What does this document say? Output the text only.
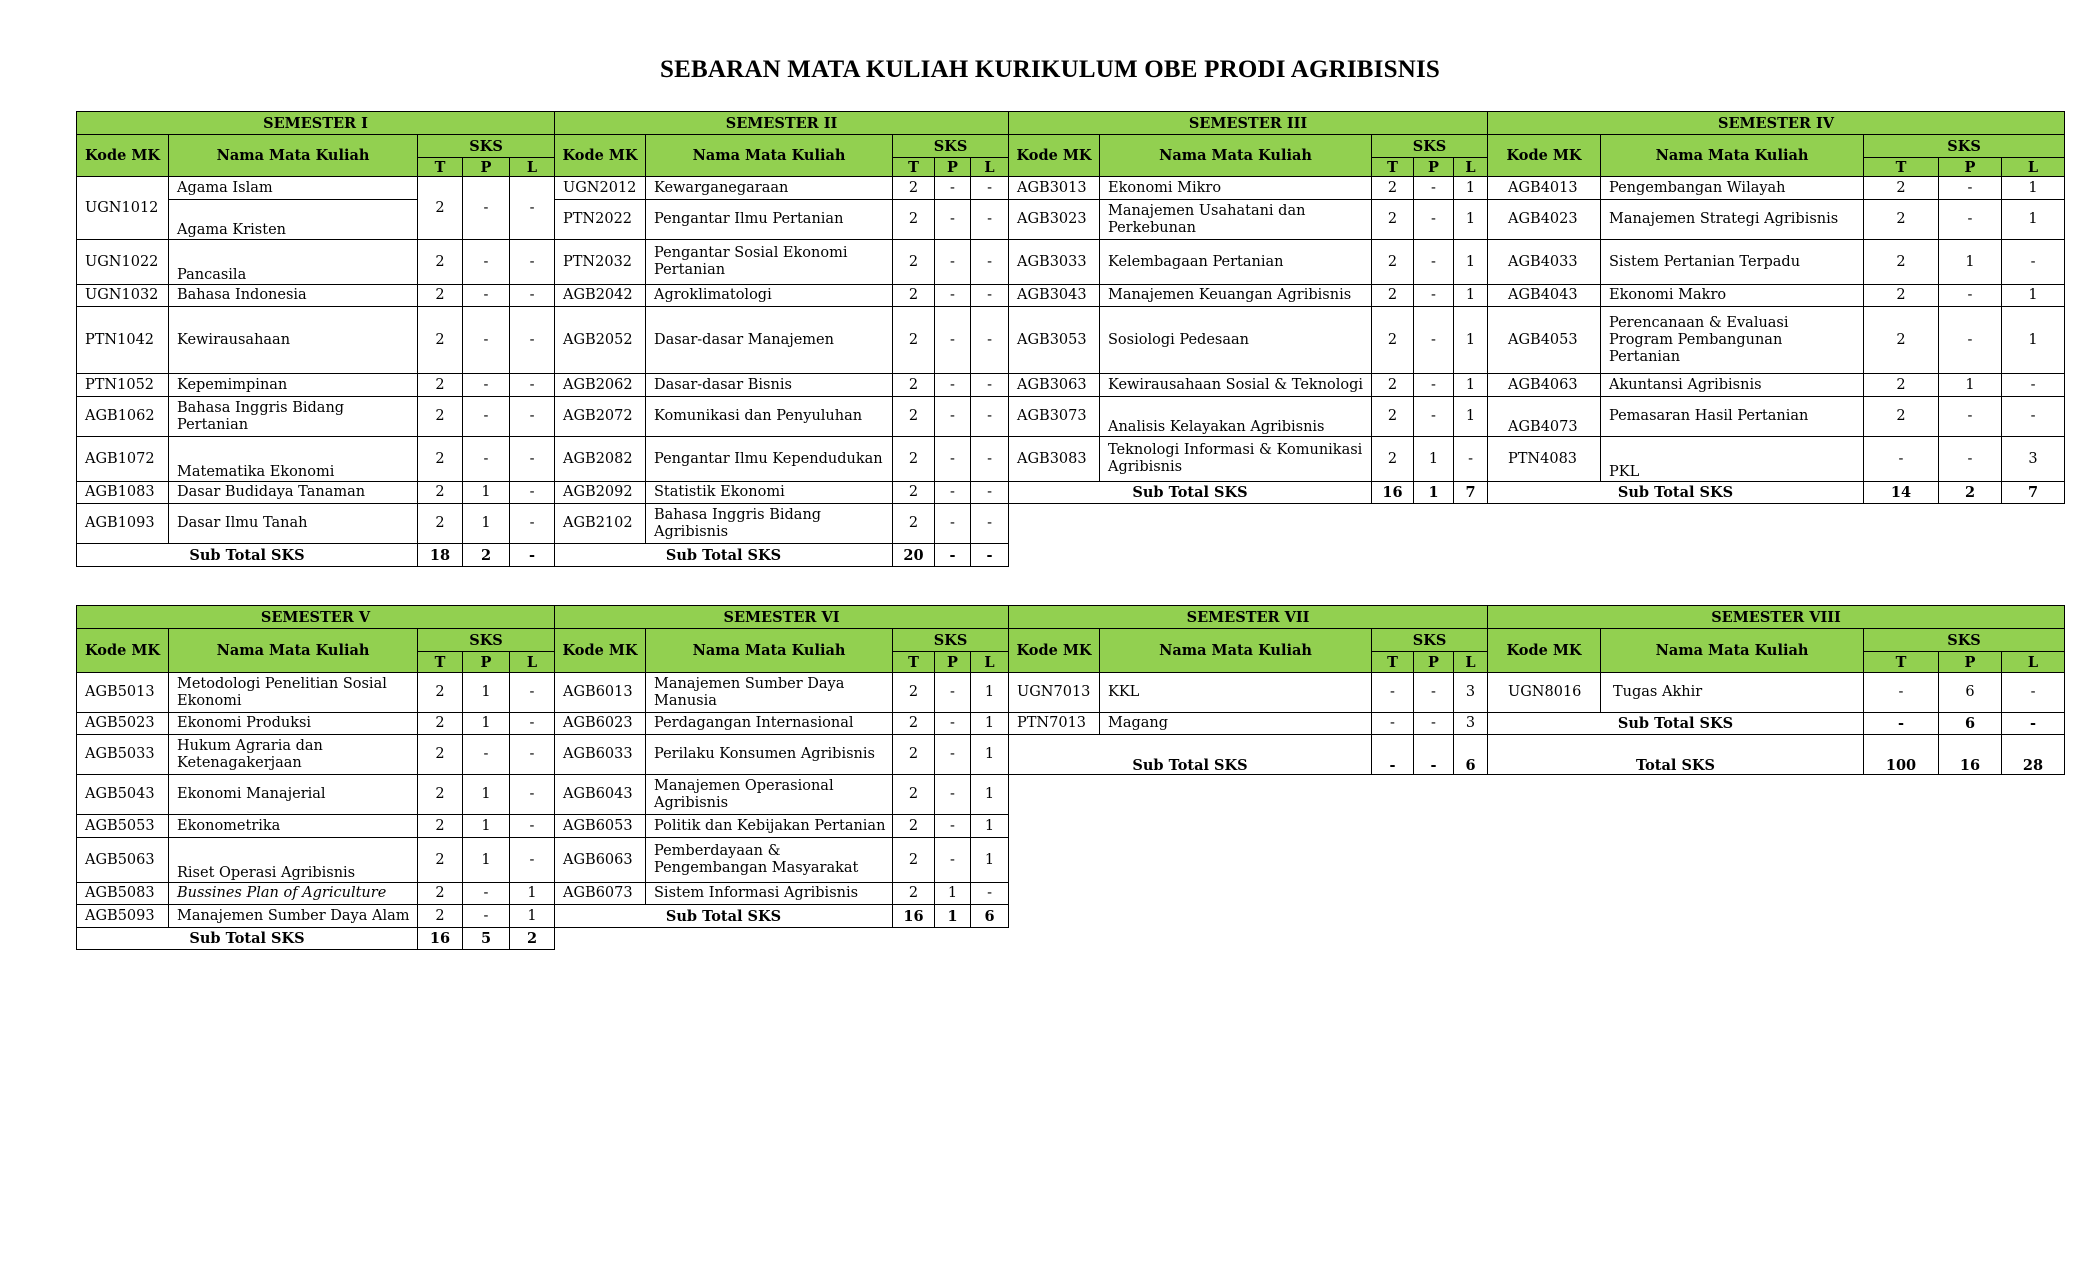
SEBARAN MATA KULIAH KURIKULUM OBE PRODI AGRIBISNIS
SEMESTER I				
Kode MK	Nama Mata Kuliah	SKS		
		T	P	L
UGN1012	Agama Islam	2	-	-
	Agama Kristen			
UGN1022	Pancasila	2	-	-
UGN1032	Bahasa Indonesia	2	-	-
PTN1042	Kewirausahaan	2	-	-
PTN1052	Kepemimpinan	2	-	-
AGB1062	Bahasa Inggris Bidang Pertanian	2	-	-
AGB1072	Matematika Ekonomi	2	-	-
AGB1083	Dasar Budidaya Tanaman	2	1	-
AGB1093	Dasar Ilmu Tanah	2	1	-
Sub Total SKS		18	2	-
SEMESTER II				
Kode MK	Nama Mata Kuliah	SKS		
		T	P	L
UGN2012	Kewarganegaraan	2	-	-
PTN2022	Pengantar Ilmu Pertanian	2	-	-
PTN2032	Pengantar Sosial Ekonomi Pertanian	2	-	-
AGB2042	Agroklimatologi	2	-	-
AGB2052	Dasar-dasar Manajemen	2	-	-
AGB2062	Dasar-dasar Bisnis	2	-	-
AGB2072	Komunikasi dan Penyuluhan	2	-	-
AGB2082	Pengantar Ilmu Kependudukan	2	-	-
AGB2092	Statistik Ekonomi	2	-	-
AGB2102	Bahasa Inggris Bidang Agribisnis	2	-	-
Sub Total SKS		20	-	-
SEMESTER III				
Kode MK	Nama Mata Kuliah	SKS		
		T	P	L
AGB3013	Ekonomi Mikro	2	-	1
AGB3023	Manajemen Usahatani dan Perkebunan	2	-	1
AGB3033	Kelembagaan Pertanian	2	-	1
AGB3043	Manajemen Keuangan Agribisnis	2	-	1
AGB3053	Sosiologi Pedesaan	2	-	1
AGB3063	Kewirausahaan Sosial & Teknologi	2	-	1
AGB3073	Analisis Kelayakan Agribisnis	2	-	1
AGB3083	Teknologi Informasi & Komunikasi Agribisnis	2	1	-
Sub Total SKS		16	1	7
SEMESTER IV				
Kode MK	Nama Mata Kuliah	SKS		
		T	P	L
AGB4013	Pengembangan Wilayah	2	-	1
AGB4023	Manajemen Strategi Agribisnis	2	-	1
AGB4033	Sistem Pertanian Terpadu	2	1	-
AGB4043	Ekonomi Makro	2	-	1
AGB4053	Perencanaan & Evaluasi Program Pembangunan Pertanian	2	-	1
AGB4063	Akuntansi Agribisnis	2	1	-
AGB4073	Pemasaran Hasil Pertanian	2	-	-
PTN4083	PKL	-	-	3
Sub Total SKS		14	2	7
SEMESTER V				
Kode MK	Nama Mata Kuliah	SKS		
		T	P	L
AGB5013	Metodologi Penelitian Sosial Ekonomi	2	1	-
AGB5023	Ekonomi Produksi	2	1	-
AGB5033	Hukum Agraria dan Ketenagakerjaan	2	-	-
AGB5043	Ekonomi Manajerial	2	1	-
AGB5053	Ekonometrika	2	1	-
AGB5063	Riset Operasi Agribisnis	2	1	-
AGB5083	Bussines Plan of Agriculture	2	-	1
AGB5093	Manajemen Sumber Daya Alam	2	-	1
Sub Total SKS		16	5	2
SEMESTER VI				
Kode MK	Nama Mata Kuliah	SKS		
		T	P	L
AGB6013	Manajemen Sumber Daya Manusia	2	-	1
AGB6023	Perdagangan Internasional	2	-	1
AGB6033	Perilaku Konsumen Agribisnis	2	-	1
AGB6043	Manajemen Operasional Agribisnis	2	-	1
AGB6053	Politik dan Kebijakan Pertanian	2	-	1
AGB6063	Pemberdayaan & Pengembangan Masyarakat	2	-	1
AGB6073	Sistem Informasi Agribisnis	2	1	-
Sub Total SKS		16	1	6
SEMESTER VII				
Kode MK	Nama Mata Kuliah	SKS		
		T	P	L
UGN7013	KKL	-	-	3
PTN7013	Magang	-	-	3
Sub Total SKS		-	-	6
SEMESTER VIII				
Kode MK	Nama Mata Kuliah	SKS		
		T	P	L
UGN8016	Tugas Akhir	-	6	-
Sub Total SKS		-	6	-
Total SKS		100	16	28
